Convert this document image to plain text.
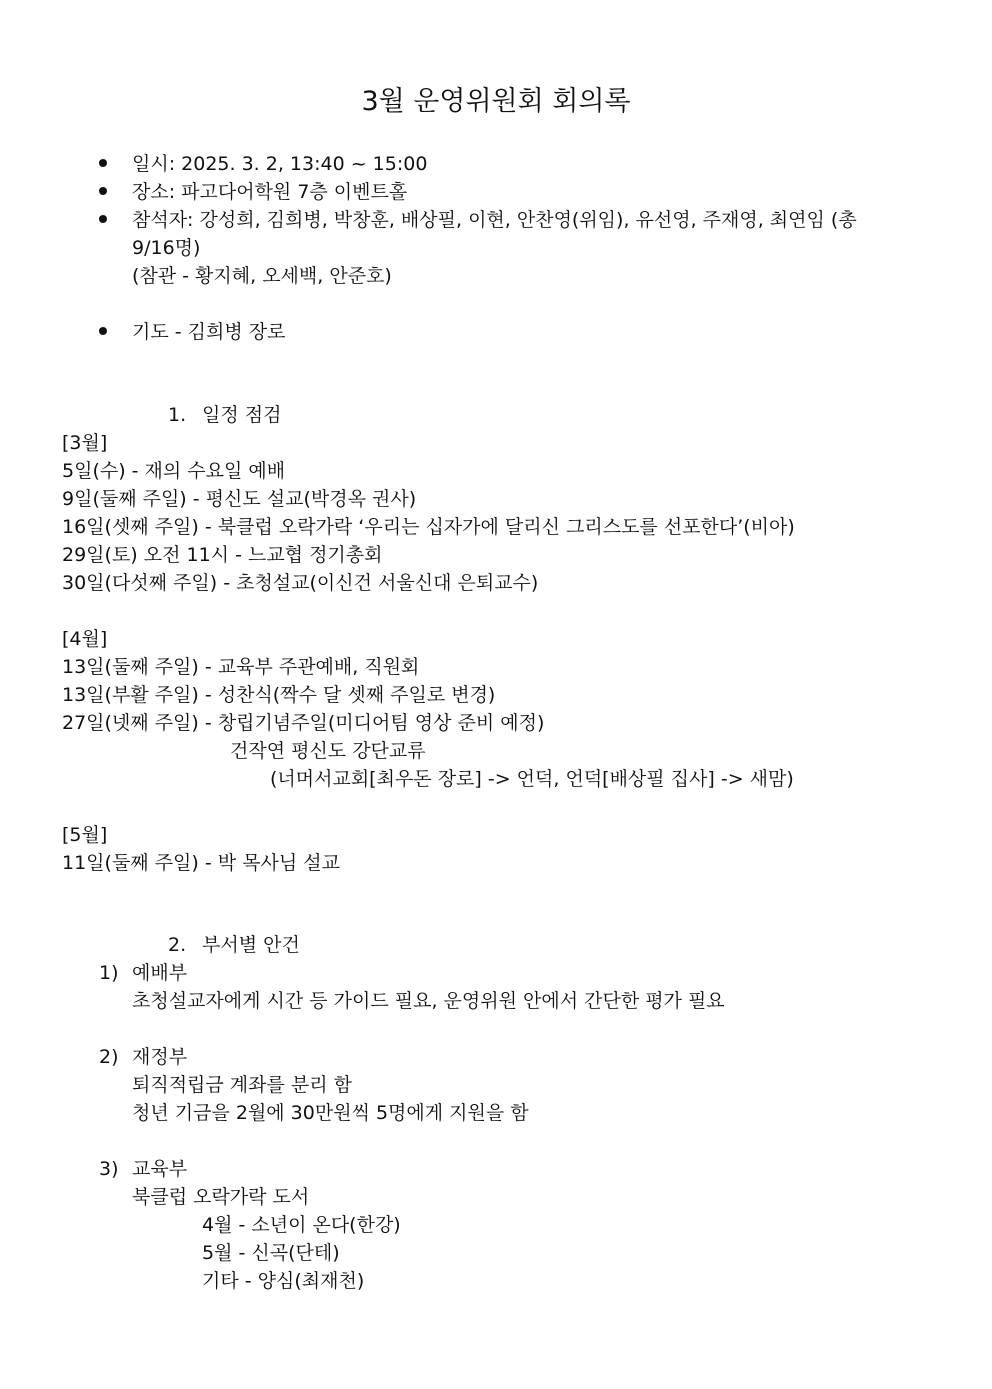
3월 운영위원회 회의록
일시: 2025. 3. 2, 13:40 ~ 15:00
장소: 파고다어학원 7층 이벤트홀
참석자: 강성희, 김희병, 박창훈, 배상필, 이현, 안찬영(위임), 유선영, 주재영, 최연임 (총
9/16명)
(참관 - 황지혜, 오세백, 안준호)
기도 - 김희병 장로
1. 일정 점검
[3월]
5일(수) - 재의 수요일 예배
9일(둘째 주일) - 평신도 설교(박경옥 권사)
16일(셋째 주일) - 북클럽 오락가락 ‘우리는 십자가에 달리신 그리스도를 선포한다’(비아)
29일(토) 오전 11시 - 느교협 정기총회
30일(다섯째 주일) - 초청설교(이신건 서울신대 은퇴교수)
[4월]
13일(둘째 주일) - 교육부 주관예배, 직원회
13일(부활 주일) - 성찬식(짝수 달 셋째 주일로 변경)
27일(넷째 주일) - 창립기념주일(미디어팀 영상 준비 예정)
건작연 평신도 강단교류
(너머서교회[최우돈 장로] -> 언덕, 언덕[배상필 집사] -> 새맘)
[5월]
11일(둘째 주일) - 박 목사님 설교
2. 부서별 안건
1) 예배부
초청설교자에게 시간 등 가이드 필요, 운영위원 안에서 간단한 평가 필요
2) 재정부
퇴직적립금 계좌를 분리 함
청년 기금을 2월에 30만원씩 5명에게 지원을 함
3) 교육부
북클럽 오락가락 도서
4월 - 소년이 온다(한강)
5월 - 신곡(단테)
기타 - 양심(최재천)
